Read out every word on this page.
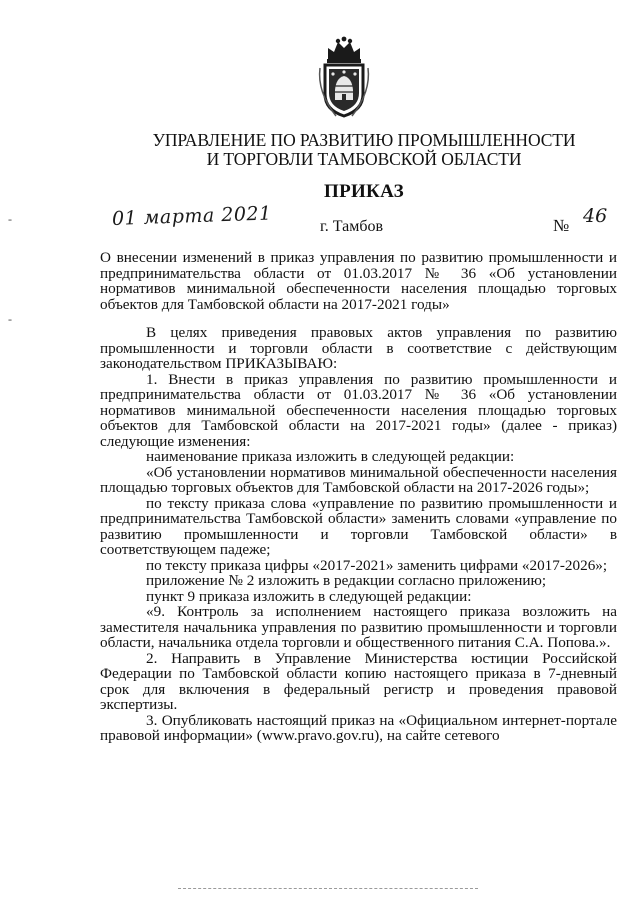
УПРАВЛЕНИЕ ПО РАЗВИТИЮ ПРОМЫШЛЕННОСТИ
И ТОРГОВЛИ ТАМБОВСКОЙ ОБЛАСТИ
ПРИКАЗ
01 марта 2021	г. Тамбов	№ 46
О внесении изменений в приказ управления по развитию промышленности и предпринимательства области от 01.03.2017 № 36 «Об установлении нормативов минимальной обеспеченности населения площадью торговых объектов для Тамбовской области на 2017-2021 годы»

В целях приведения правовых актов управления по развитию промышленности и торговли области в соответствие с действующим законодательством ПРИКАЗЫВАЮ:

1. Внести в приказ управления по развитию промышленности и предпринимательства области от 01.03.2017 № 36 «Об установлении нормативов минимальной обеспеченности населения площадью торговых объектов для Тамбовской области на 2017-2021 годы» (далее - приказ) следующие изменения:

наименование приказа изложить в следующей редакции:

«Об установлении нормативов минимальной обеспеченности населения площадью торговых объектов для Тамбовской области на 2017-2026 годы»;

по тексту приказа слова «управление по развитию промышленности и предпринимательства Тамбовской области» заменить словами «управление по развитию промышленности и торговли Тамбовской области» в соответствующем падеже;

по тексту приказа цифры «2017-2021» заменить цифрами «2017-2026»;

приложение № 2 изложить в редакции согласно приложению;

пункт 9 приказа изложить в следующей редакции:

«9. Контроль за исполнением настоящего приказа возложить на заместителя начальника управления по развитию промышленности и торговли области, начальника отдела торговли и общественного питания С.А. Попова.».

2. Направить в Управление Министерства юстиции Российской Федерации по Тамбовской области копию настоящего приказа в 7-дневный срок для включения в федеральный регистр и проведения правовой экспертизы.

3. Опубликовать настоящий приказ на «Официальном интернет-портале правовой информации» (www.pravo.gov.ru), на сайте сетевого

-
-
